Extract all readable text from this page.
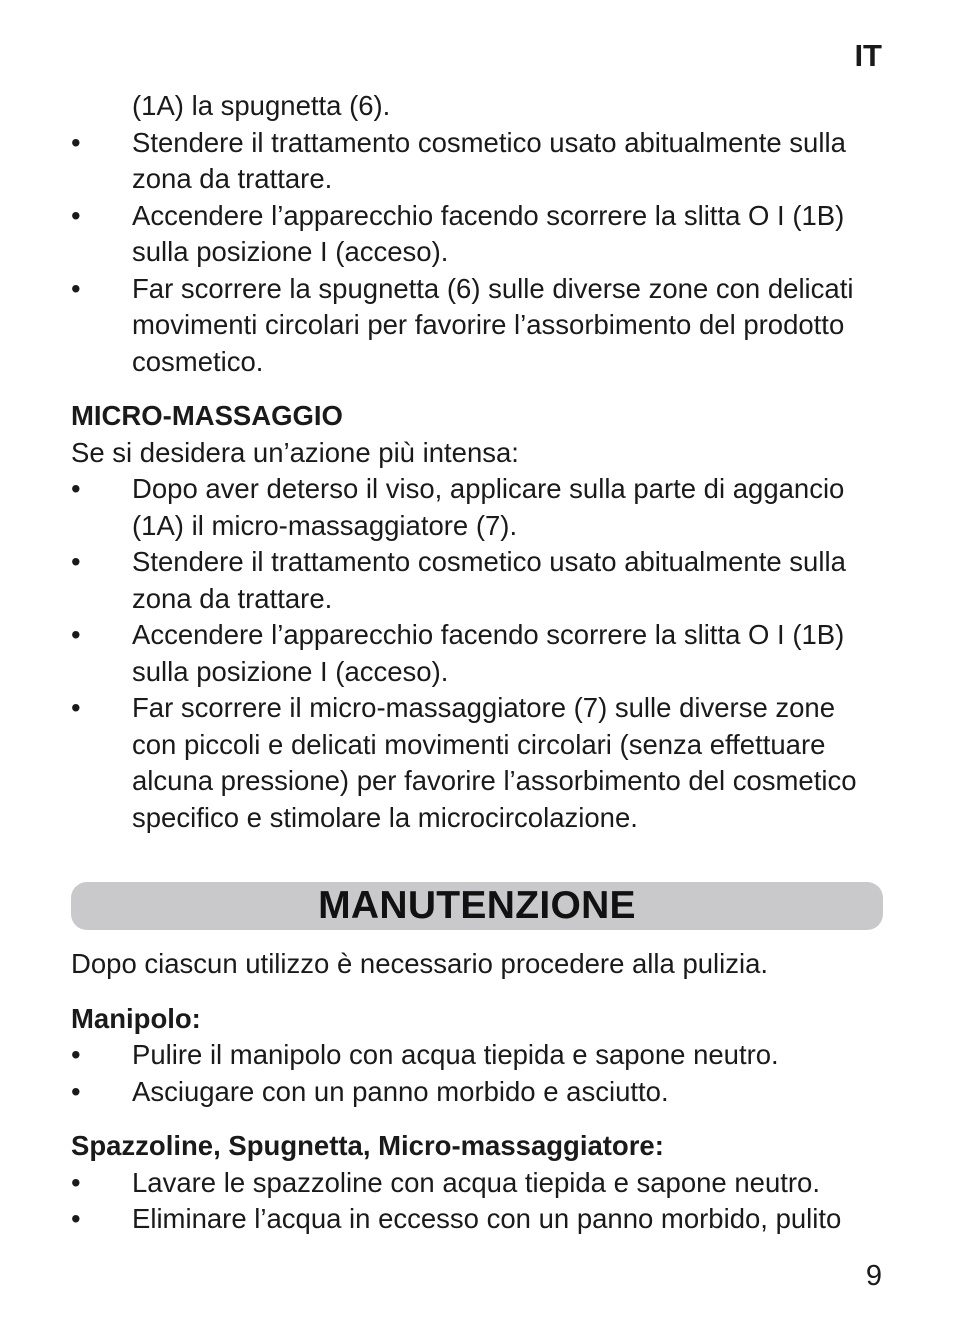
IT
(1A) la spugnetta (6).
•	Stendere il trattamento cosmetico usato abitualmente sulla zona da trattare.
•	Accendere l’apparecchio facendo scorrere la slitta O I (1B) sulla posizione I (acceso).
•	Far scorrere la spugnetta (6) sulle diverse zone con delicati movimenti circolari per favorire l’assorbimento del prodotto cosmetico.
MICRO-MASSAGGIO
Se si desidera un’azione più intensa:
•	Dopo aver deterso il viso, applicare sulla parte di aggancio (1A) il micro-massaggiatore (7).
•	Stendere il trattamento cosmetico usato abitualmente sulla zona da trattare.
•	Accendere l’apparecchio facendo scorrere la slitta O I (1B) sulla posizione I (acceso).
•	Far scorrere il micro-massaggiatore (7) sulle diverse zone con piccoli e delicati movimenti circolari (senza effettuare alcuna pressione) per favorire l’assorbimento del cosmetico specifico e stimolare la microcircolazione.
MANUTENZIONE
Dopo ciascun utilizzo è necessario procedere alla pulizia.
Manipolo:
•	Pulire il manipolo con acqua tiepida e sapone neutro.
•	Asciugare con un panno morbido e asciutto.
Spazzoline, Spugnetta, Micro-massaggiatore:
•	Lavare le spazzoline con acqua tiepida e sapone neutro.
•	Eliminare l’acqua in eccesso con un panno morbido, pulito
9
